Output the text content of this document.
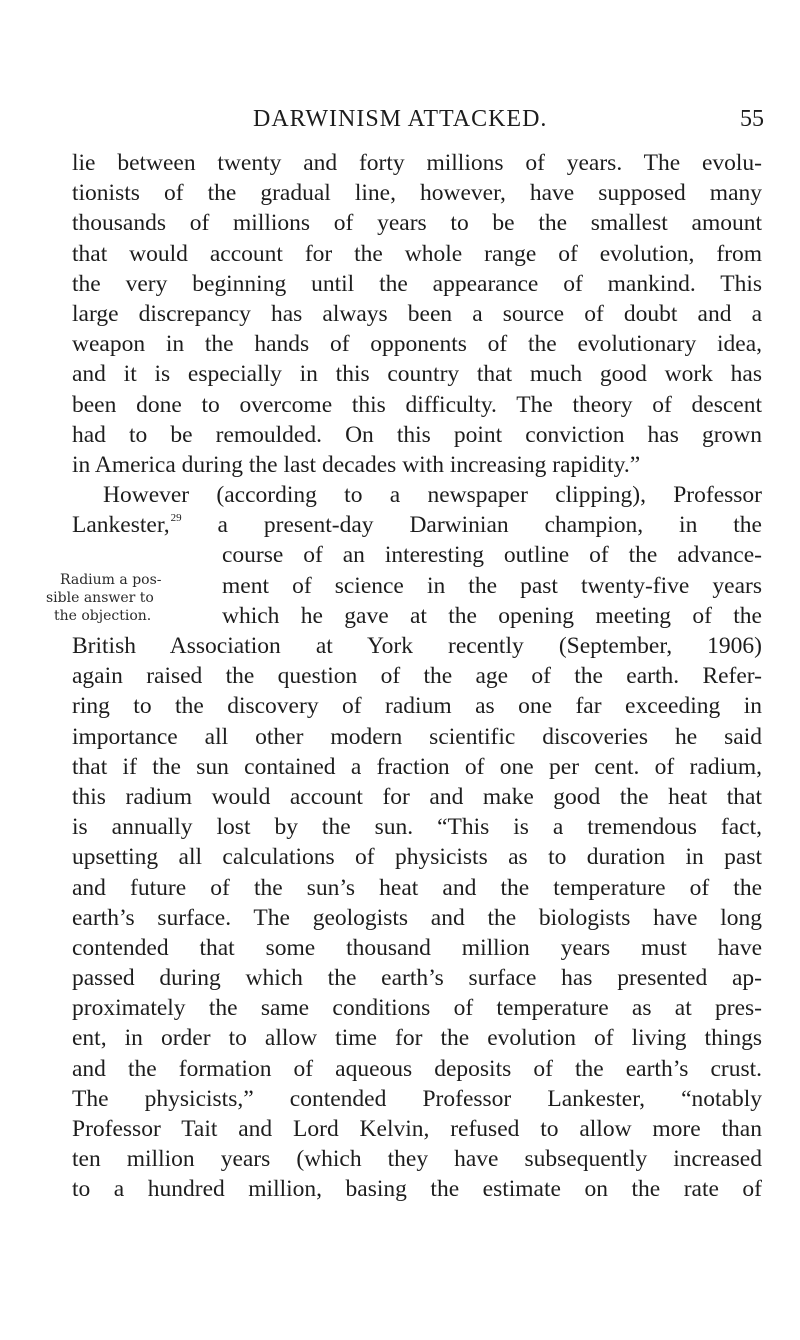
DARWINISM ATTACKED.	55
Radium a pos-
sible answer to
the objection.
lie between twenty and forty millions of years. The evolu-
tionists of the gradual line, however, have supposed many
thousands of millions of years to be the smallest amount
that would account for the whole range of evolution, from
the very beginning until the appearance of mankind. This
large discrepancy has always been a source of doubt and a
weapon in the hands of opponents of the evolutionary idea,
and it is especially in this country that much good work has
been done to overcome this difficulty. The theory of descent
had to be remoulded. On this point conviction has grown
in America during the last decades with increasing rapidity.”
However (according to a newspaper clipping), Professor
Lankester,$^{29}$ a present-day Darwinian champion, in the
course of an interesting outline of the advance-
ment of science in the past twenty-five years
which he gave at the opening meeting of the
British Association at York recently (September, 1906)
again raised the question of the age of the earth. Refer-
ring to the discovery of radium as one far exceeding in
importance all other modern scientific discoveries he said
that if the sun contained a fraction of one per cent. of radium,
this radium would account for and make good the heat that
is annually lost by the sun. “This is a tremendous fact,
upsetting all calculations of physicists as to duration in past
and future of the sun’s heat and the temperature of the
earth’s surface. The geologists and the biologists have long
contended that some thousand million years must have
passed during which the earth’s surface has presented ap-
proximately the same conditions of temperature as at pres-
ent, in order to allow time for the evolution of living things
and the formation of aqueous deposits of the earth’s crust.
The physicists,” contended Professor Lankester, “notably
Professor Tait and Lord Kelvin, refused to allow more than
ten million years (which they have subsequently increased
to a hundred million, basing the estimate on the rate of
